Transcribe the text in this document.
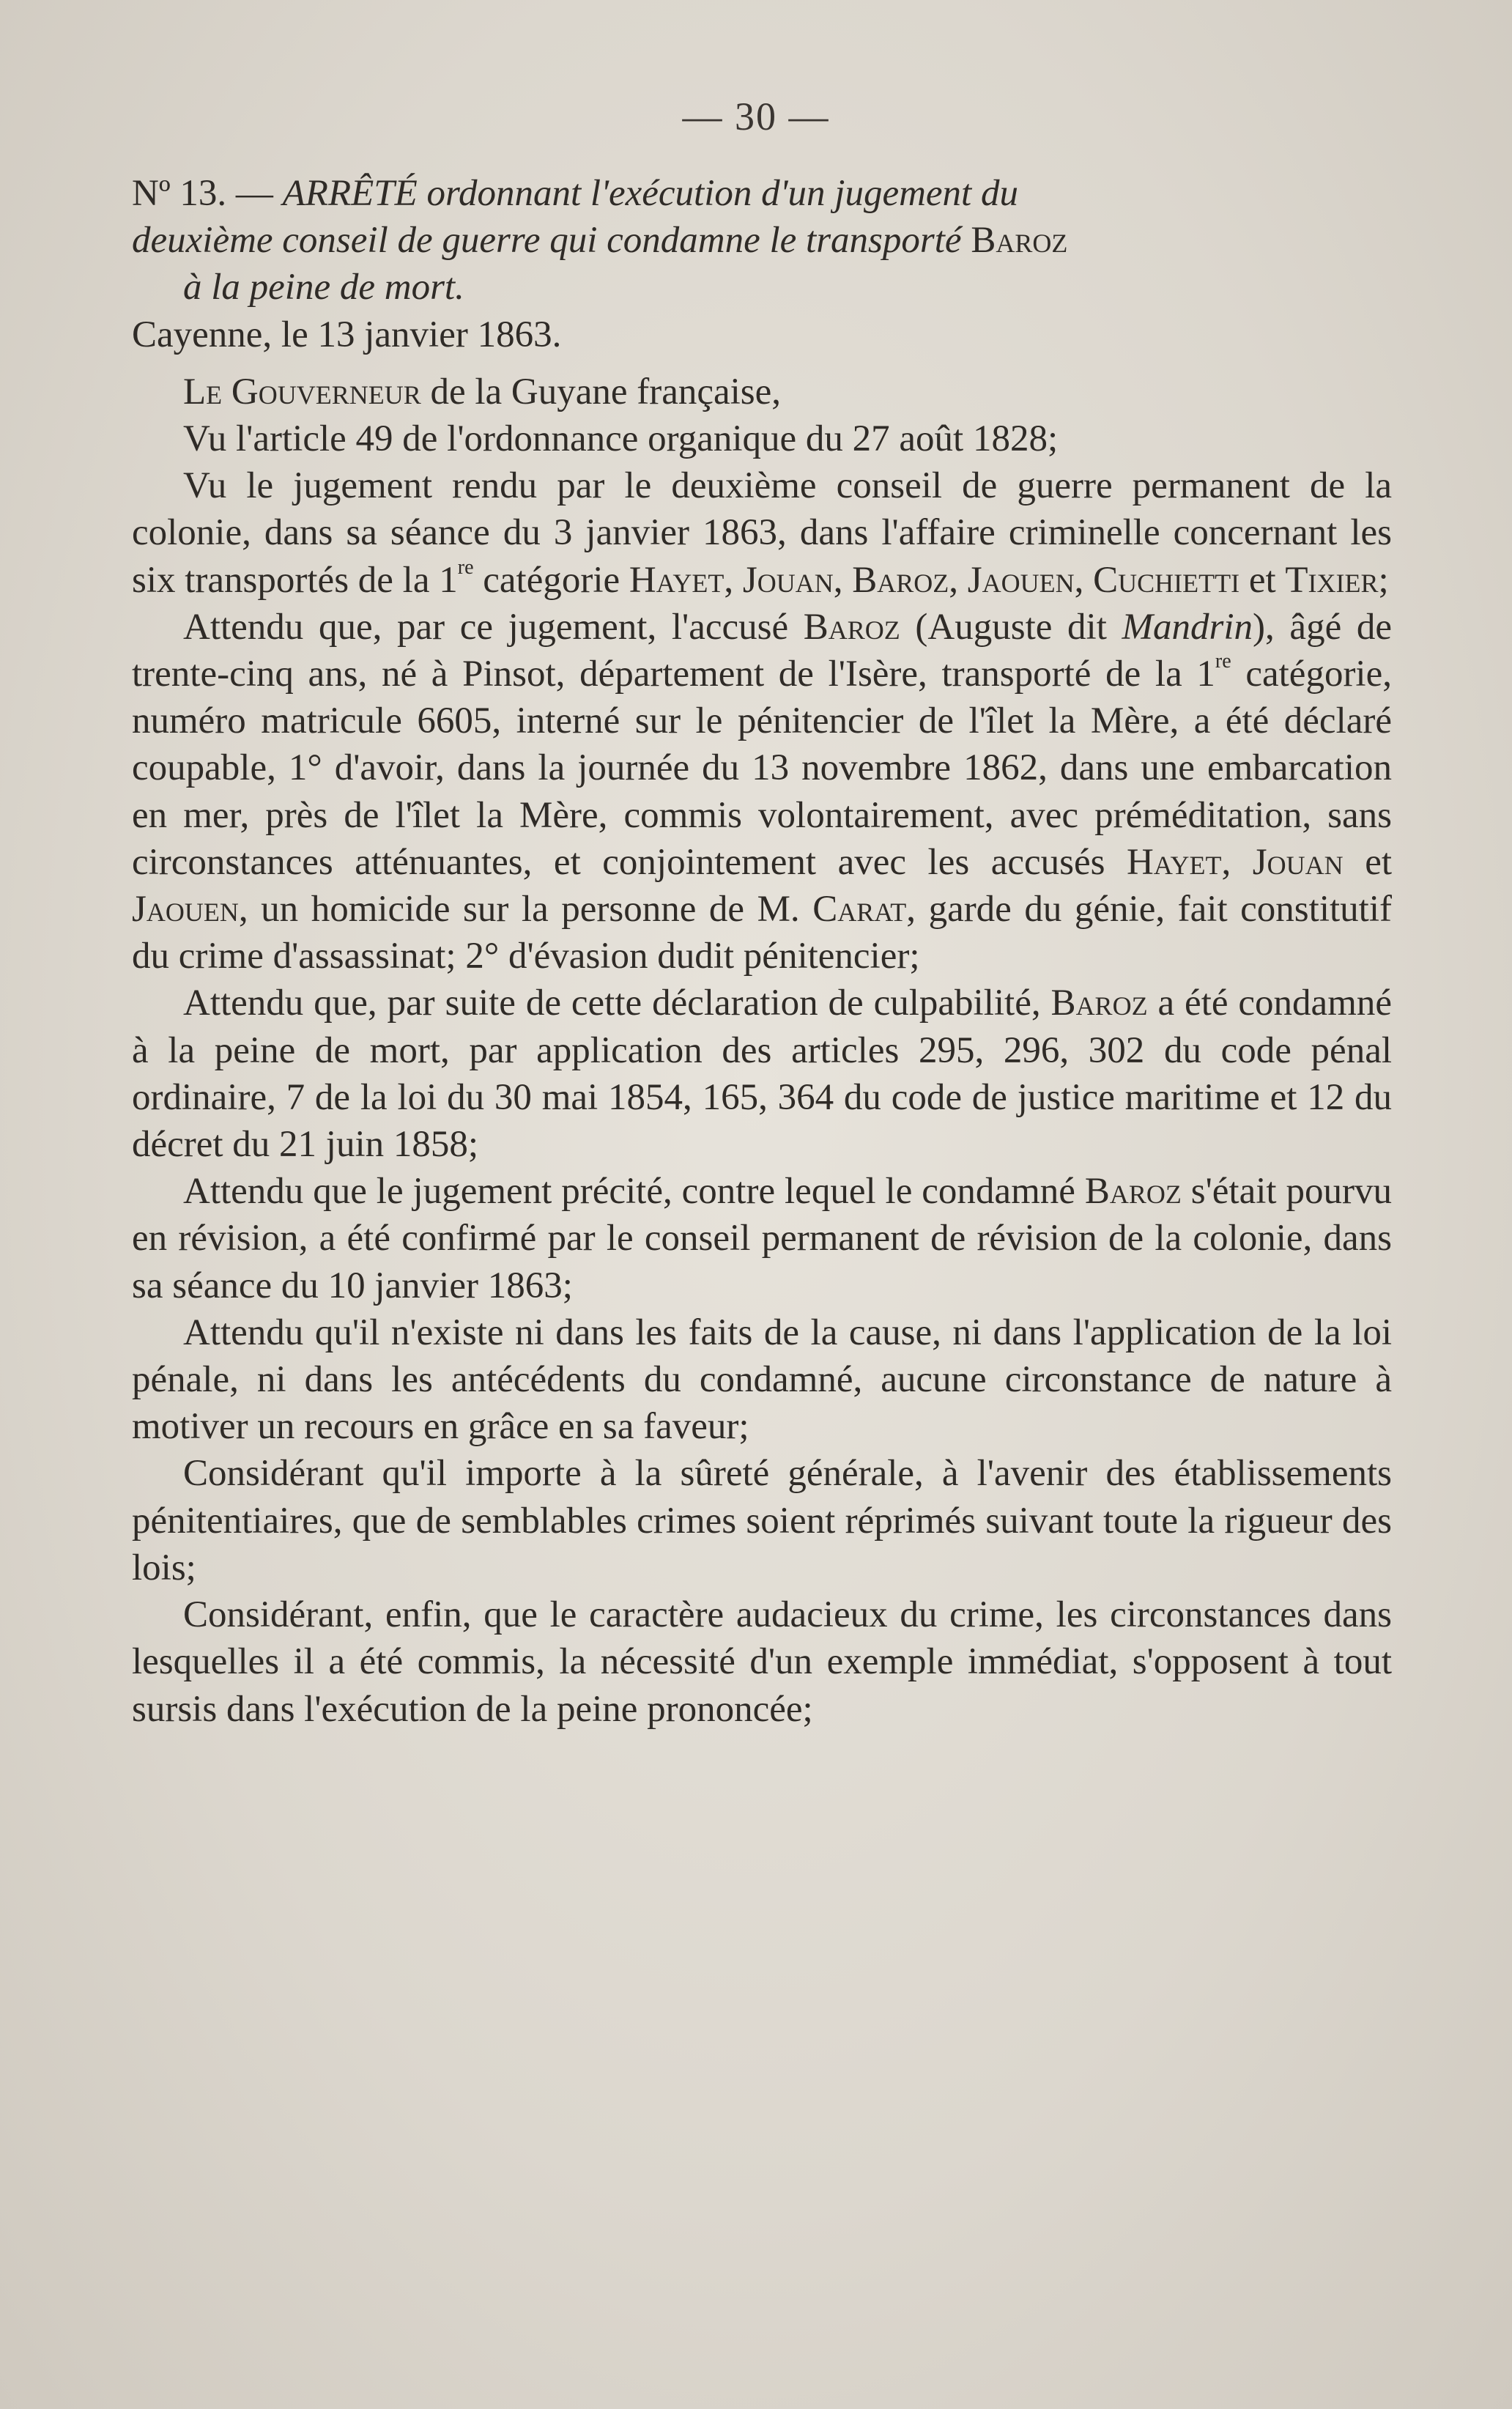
— 30 —

Nº 13. — ARRÊTÉ ordonnant l'exécution d'un jugement du
deuxième conseil de guerre qui condamne le transporté Baroz
à la peine de mort.

Cayenne, le 13 janvier 1863.

Le Gouverneur de la Guyane française,

Vu l'article 49 de l'ordonnance organique du 27 août 1828;

Vu le jugement rendu par le deuxième conseil de guerre permanent de la colonie, dans sa séance du 3 janvier 1863, dans l'affaire criminelle concernant les six transportés de la 1re catégorie Hayet, Jouan, Baroz, Jaouen, Cuchietti et Tixier;

Attendu que, par ce jugement, l'accusé Baroz (Auguste dit Mandrin), âgé de trente-cinq ans, né à Pinsot, département de l'Isère, transporté de la 1re catégorie, numéro matricule 6605, interné sur le pénitencier de l'îlet la Mère, a été déclaré coupable, 1° d'avoir, dans la journée du 13 novembre 1862, dans une embarcation en mer, près de l'îlet la Mère, commis volontairement, avec préméditation, sans circonstances atténuantes, et conjointement avec les accusés Hayet, Jouan et Jaouen, un homicide sur la personne de M. Carat, garde du génie, fait constitutif du crime d'assassinat; 2° d'évasion dudit pénitencier;

Attendu que, par suite de cette déclaration de culpabilité, Baroz a été condamné à la peine de mort, par application des articles 295, 296, 302 du code pénal ordinaire, 7 de la loi du 30 mai 1854, 165, 364 du code de justice maritime et 12 du décret du 21 juin 1858;

Attendu que le jugement précité, contre lequel le condamné Baroz s'était pourvu en révision, a été confirmé par le conseil permanent de révision de la colonie, dans sa séance du 10 janvier 1863;

Attendu qu'il n'existe ni dans les faits de la cause, ni dans l'application de la loi pénale, ni dans les antécédents du condamné, aucune circonstance de nature à motiver un recours en grâce en sa faveur;

Considérant qu'il importe à la sûreté générale, à l'avenir des établissements pénitentiaires, que de semblables crimes soient réprimés suivant toute la rigueur des lois;

Considérant, enfin, que le caractère audacieux du crime, les circonstances dans lesquelles il a été commis, la nécessité d'un exemple immédiat, s'opposent à tout sursis dans l'exécution de la peine prononcée;
